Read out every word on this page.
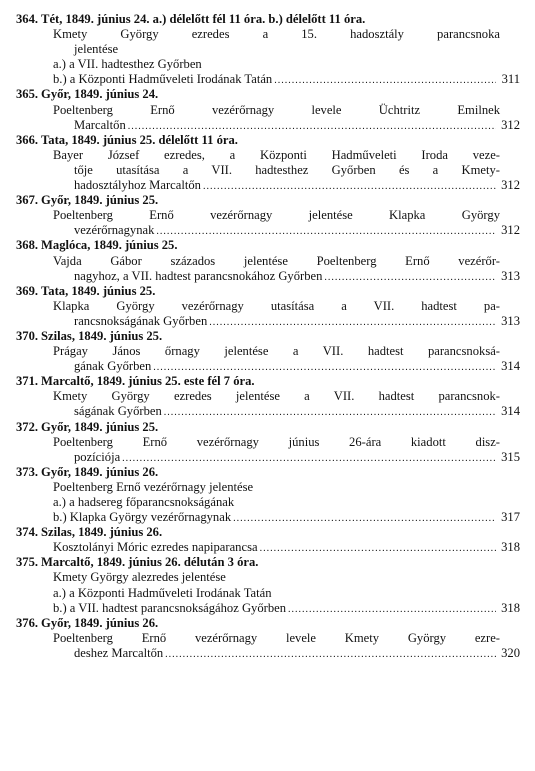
364. Tét, 1849. június 24. a.) délelőtt fél 11 óra. b.) délelőtt 11 óra.
Kmety György ezredes a 15. hadosztály parancsnoka
jelentése
a.) a VII. hadtesthez Győrben
b.) a Központi Hadműveleti Irodának Tatán .....	311
365. Győr, 1849. június 24.
Poeltenberg Ernő vezérőrnagy levele Üchtritz Emilnek
Marcaltőn .....	312
366. Tata, 1849. június 25. délelőtt 11 óra.
Bayer József ezredes, a Központi Hadműveleti Iroda veze-
tője utasítása a VII. hadtesthez Győrben és a Kmety-
hadosztályhoz Marcaltőn .....	312
367. Győr, 1849. június 25.
Poeltenberg Ernő vezérőrnagy jelentése Klapka György
vezérőrnagynak .....	312
368. Maglóca, 1849. június 25.
Vajda Gábor százados jelentése Poeltenberg Ernő vezérőr-
nagyhoz, a VII. hadtest parancsnokához Győrben .....	313
369. Tata, 1849. június 25.
Klapka György vezérőrnagy utasítása a VII. hadtest pa-
rancsnokságának Győrben .....	313
370. Szilas, 1849. június 25.
Prágay János őrnagy jelentése a VII. hadtest parancsnoksá-
gának Győrben .....	314
371. Marcaltő, 1849. június 25. este fél 7 óra.
Kmety György ezredes jelentése a VII. hadtest parancsnok-
ságának Győrben .....	314
372. Győr, 1849. június 25.
Poeltenberg Ernő vezérőrnagy június 26-ára kiadott disz-
pozíciója .....	315
373. Győr, 1849. június 26.
Poeltenberg Ernő vezérőrnagy jelentése
a.) a hadsereg főparancsnokságának
b.) Klapka György vezérőrnagynak .....	317
374. Szilas, 1849. június 26.
Kosztolányi Móric ezredes napiparancsa .....	318
375. Marcaltő, 1849. június 26. délután 3 óra.
Kmety György alezredes jelentése
a.) a Központi Hadműveleti Irodának Tatán
b.) a VII. hadtest parancsnokságához Győrben .....	318
376. Győr, 1849. június 26.
Poeltenberg Ernő vezérőrnagy levele Kmety György ezre-
deshez Marcaltőn .....	320
